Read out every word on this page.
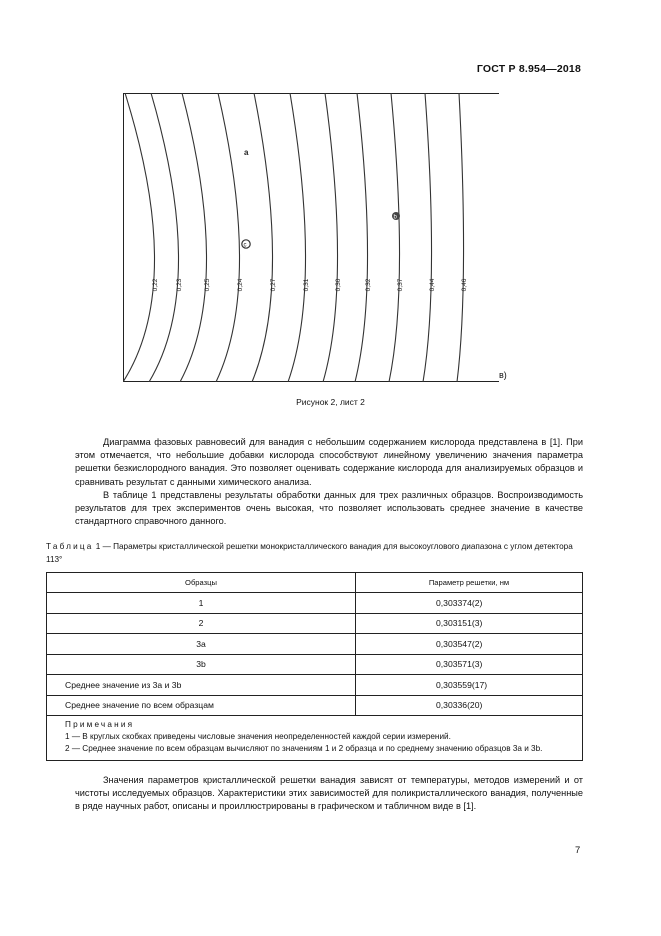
ГОСТ Р 8.954—2018
0,22	0,23	0,25	0,24	0,27	0,31	0,30	0,32	0,37	0,44	0,46
a
b
c
в)
Рисунок 2, лист 2

Диаграмма фазовых равновесий для ванадия с небольшим содержанием кислорода представлена в [1]. При этом отмечается, что небольшие добавки кислорода способствуют линейному увеличению значения параметра решетки безкислородного ванадия. Это позволяет оценивать содержание кислорода для анализируемых образцов и сравнивать результат с данными химического анализа.

В таблице 1 представлены результаты обработки данных для трех различных образцов. Воспроизводимость результатов для трех экспериментов очень высокая, что позволяет использовать среднее значение в качестве стандартного справочного данного.

Таблица 1 — Параметры кристаллической решетки монокристаллического ванадия для высокоуглового диапазона с углом детектора 113°
Образцы	Параметр решетки, нм
1	0,303374(2)
2	0,303151(3)
3a	0,303547(2)
3b	0,303571(3)
Среднее значение из 3а и 3b	0,303559(17)
Среднее значение по всем образцам	0,30336(20)

Примечания
1 — В круглых скобках приведены числовые значения неопределенностей каждой серии измерений.
2 — Среднее значение по всем образцам вычисляют по значениям 1 и 2 образца и по среднему значению образцов 3а и 3b.	

Значения параметров кристаллической решетки ванадия зависят от температуры, методов измерений и от чистоты исследуемых образцов. Характеристики этих зависимостей для поликристаллического ванадия, полученные в ряде научных работ, описаны и проиллюстрированы в графическом и табличном виде в [1].

7
